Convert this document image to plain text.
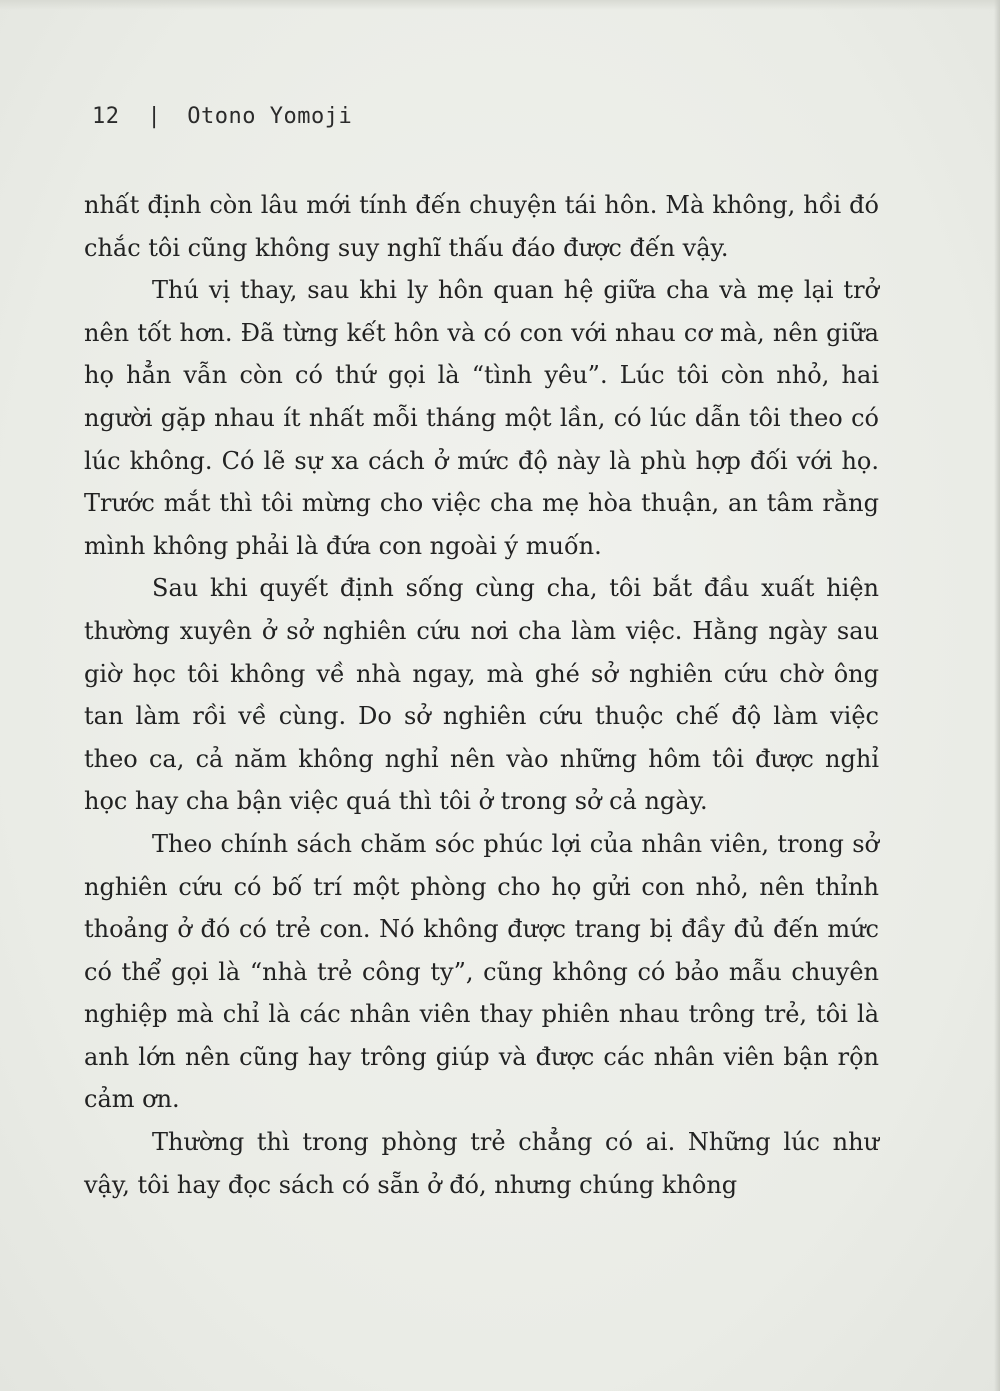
12 | Otono Yomoji

nhất định còn lâu mới tính đến chuyện tái hôn. Mà không, hồi đó chắc tôi cũng không suy nghĩ thấu đáo được đến vậy.

Thú vị thay, sau khi ly hôn quan hệ giữa cha và mẹ lại trở nên tốt hơn. Đã từng kết hôn và có con với nhau cơ mà, nên giữa họ hẳn vẫn còn có thứ gọi là “tình yêu”. Lúc tôi còn nhỏ, hai người gặp nhau ít nhất mỗi tháng một lần, có lúc dẫn tôi theo có lúc không. Có lẽ sự xa cách ở mức độ này là phù hợp đối với họ. Trước mắt thì tôi mừng cho việc cha mẹ hòa thuận, an tâm rằng mình không phải là đứa con ngoài ý muốn.

Sau khi quyết định sống cùng cha, tôi bắt đầu xuất hiện thường xuyên ở sở nghiên cứu nơi cha làm việc. Hằng ngày sau giờ học tôi không về nhà ngay, mà ghé sở nghiên cứu chờ ông tan làm rồi về cùng. Do sở nghiên cứu thuộc chế độ làm việc theo ca, cả năm không nghỉ nên vào những hôm tôi được nghỉ học hay cha bận việc quá thì tôi ở trong sở cả ngày.

Theo chính sách chăm sóc phúc lợi của nhân viên, trong sở nghiên cứu có bố trí một phòng cho họ gửi con nhỏ, nên thỉnh thoảng ở đó có trẻ con. Nó không được trang bị đầy đủ đến mức có thể gọi là “nhà trẻ công ty”, cũng không có bảo mẫu chuyên nghiệp mà chỉ là các nhân viên thay phiên nhau trông trẻ, tôi là anh lớn nên cũng hay trông giúp và được các nhân viên bận rộn cảm ơn.

Thường thì trong phòng trẻ chẳng có ai. Những lúc như vậy, tôi hay đọc sách có sẵn ở đó, nhưng chúng không
